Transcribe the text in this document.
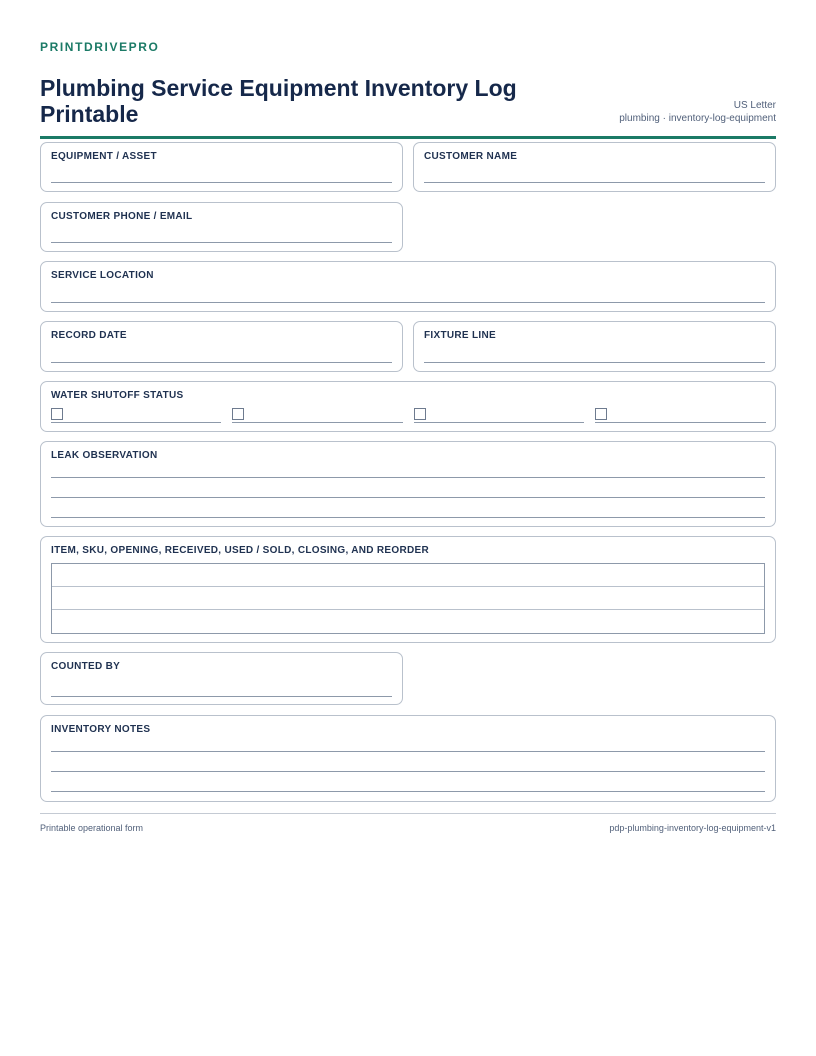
PRINTDRIVEPRO
Plumbing Service Equipment Inventory Log Printable	US Letter
plumbing · inventory-log-equipment
EQUIPMENT / ASSET	CUSTOMER NAME
CUSTOMER PHONE / EMAIL
SERVICE LOCATION
RECORD DATE	FIXTURE LINE
WATER SHUTOFF STATUS
LEAK OBSERVATION
ITEM, SKU, OPENING, RECEIVED, USED / SOLD, CLOSING, AND REORDER
COUNTED BY
INVENTORY NOTES
Printable operational form	pdp-plumbing-inventory-log-equipment-v1
